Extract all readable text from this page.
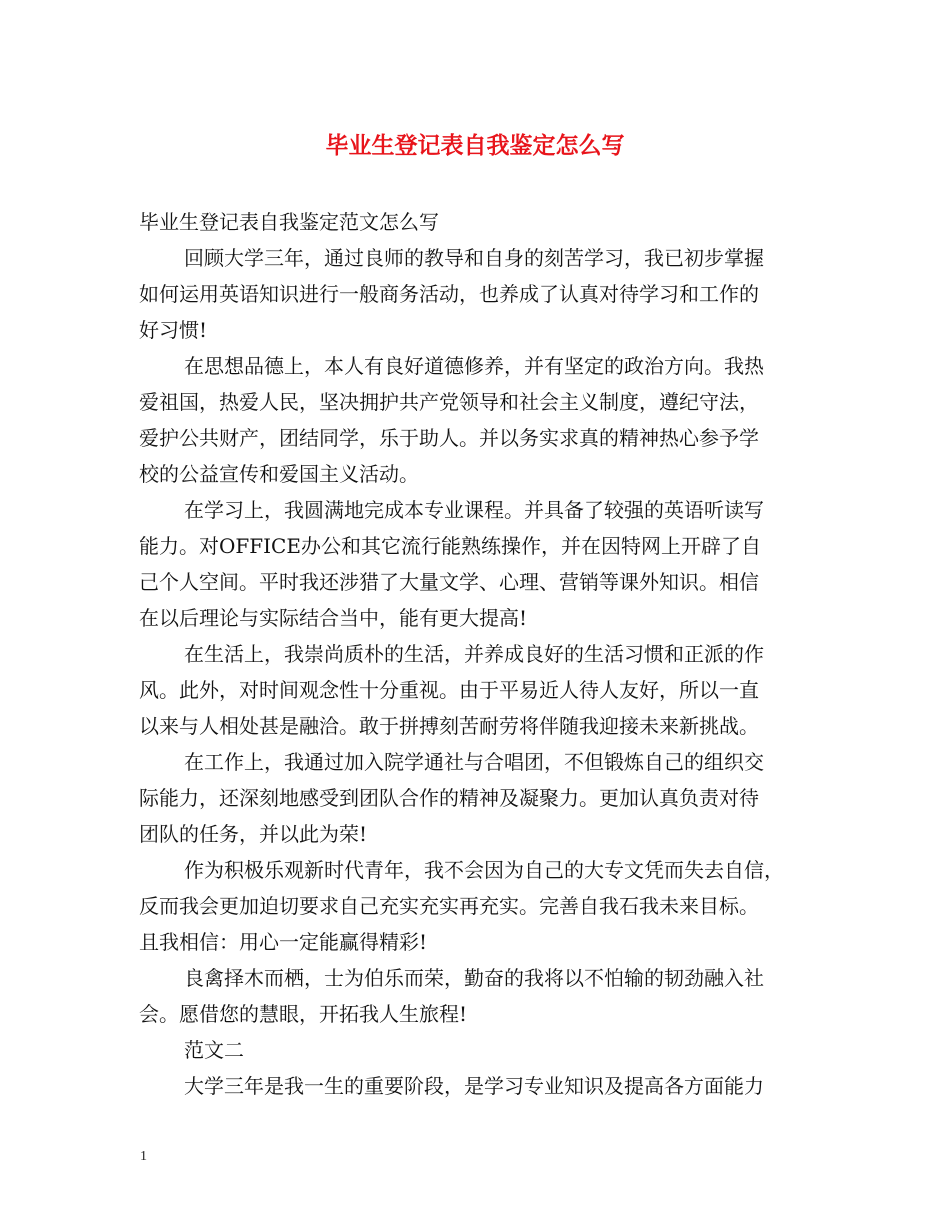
毕业生登记表自我鉴定怎么写
毕业生登记表自我鉴定范文怎么写
回顾大学三年，通过良师的教导和自身的刻苦学习，我已初步掌握
如何运用英语知识进行一般商务活动，也养成了认真对待学习和工作的
好习惯!
在思想品德上，本人有良好道德修养，并有坚定的政治方向。我热
爱祖国，热爱人民，坚决拥护共产党领导和社会主义制度，遵纪守法，
爱护公共财产，团结同学，乐于助人。并以务实求真的精神热心参予学
校的公益宣传和爱国主义活动。
在学习上，我圆满地完成本专业课程。并具备了较强的英语听读写
能力。对OFFICE办公和其它流行能熟练操作，并在因特网上开辟了自
己个人空间。平时我还涉猎了大量文学、心理、营销等课外知识。相信
在以后理论与实际结合当中，能有更大提高!
在生活上，我崇尚质朴的生活，并养成良好的生活习惯和正派的作
风。此外，对时间观念性十分重视。由于平易近人待人友好，所以一直
以来与人相处甚是融洽。敢于拼搏刻苦耐劳将伴随我迎接未来新挑战。
在工作上，我通过加入院学通社与合唱团，不但锻炼自己的组织交
际能力，还深刻地感受到团队合作的精神及凝聚力。更加认真负责对待
团队的任务，并以此为荣!
作为积极乐观新时代青年，我不会因为自己的大专文凭而失去自信，
反而我会更加迫切要求自己充实充实再充实。完善自我石我未来目标。
且我相信：用心一定能赢得精彩!
良禽择木而栖，士为伯乐而荣，勤奋的我将以不怕输的韧劲融入社
会。愿借您的慧眼，开拓我人生旅程!
范文二
大学三年是我一生的重要阶段，是学习专业知识及提高各方面能力
1
